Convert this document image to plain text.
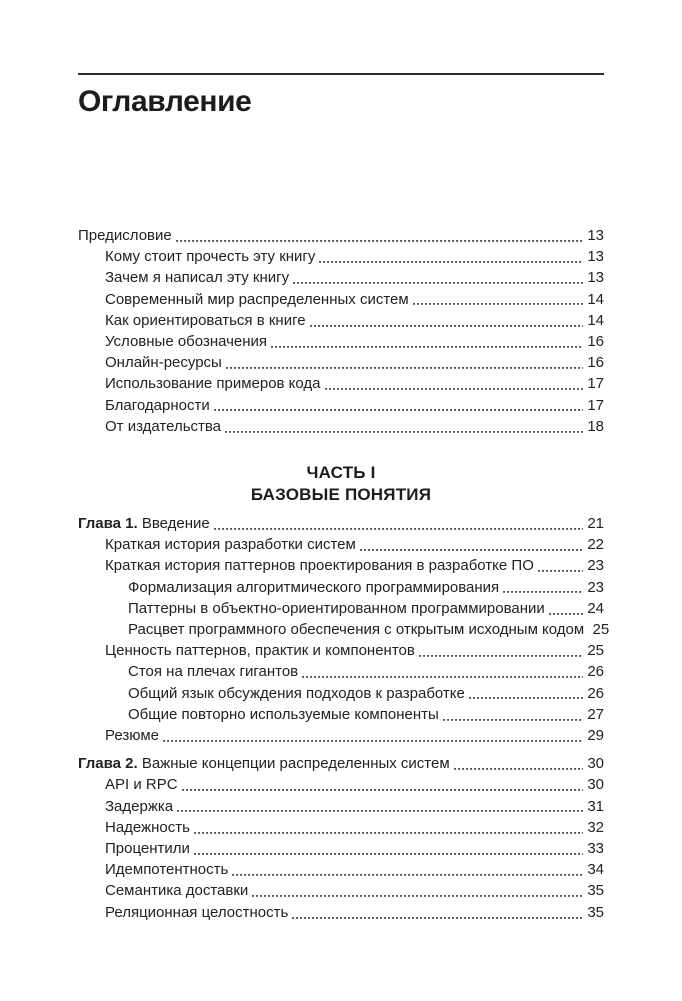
Оглавление
Предисловие	13
Кому стоит прочесть эту книгу	13
Зачем я написал эту книгу	13
Современный мир распределенных систем	14
Как ориентироваться в книге	14
Условные обозначения	16
Онлайн-ресурсы	16
Использование примеров кода	17
Благодарности	17
От издательства	18
ЧАСТЬ I
БАЗОВЫЕ ПОНЯТИЯ
Глава 1. Введение	21
Краткая история разработки систем	22
Краткая история паттернов проектирования в разработке ПО	23
Формализация алгоритмического программирования	23
Паттерны в объектно-ориентированном программировании	24
Расцвет программного обеспечения с открытым исходным кодом 25
Ценность паттернов, практик и компонентов	25
Стоя на плечах гигантов	26
Общий язык обсуждения подходов к разработке	26
Общие повторно используемые компоненты	27
Резюме	29
Глава 2. Важные концепции распределенных систем	30
API и RPC	30
Задержка	31
Надежность	32
Процентили	33
Идемпотентность	34
Семантика доставки	35
Реляционная целостность	35
